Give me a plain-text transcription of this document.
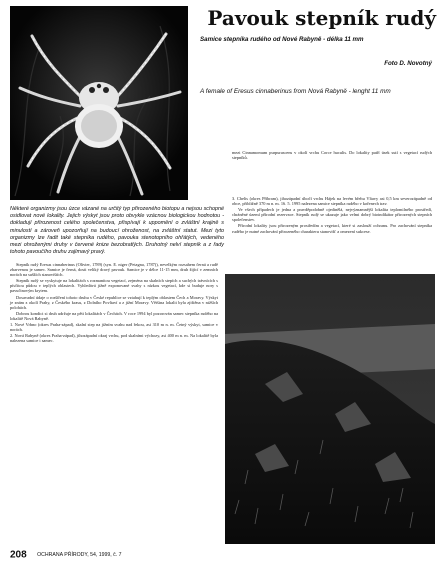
Pavouk stepník rudý
Samice stepníka rudého od Nové Rabyně - délka 11 mm
Foto D. Novotný
A female of Eresus cinnaberinus from Nová Rabyně - lenght 11 mm
Některé organizmy jsou úzce vázané na určitý typ přirozeného biotopu a nejsou schopné osidlovat nové lokality. Jejich výskyt jsou proto obvykle vzácnou biologickou hodnotou - dokladují přirozenost celého společenstva, přispívají k uppomění o zvláštní krajině s minulostí a zároveň upozorňují na budoucí ohroženost, na zvláštní statut. Mezi tyto organizmy lze řadit také stepníka rudého, pavouka stenotopního ohřátých, vedeného mezi ohroženými druhy v červené knize bezobratlých. Druhotný nelví stepník a z řady tohoto pavoučího druhu zajímavý pravý.

mezi Cinnamomum purpurascens v okolí vrchu Corce huculis. Do lokality patří úsek sutí s vegetací rudých stepníků.

3. Chelis (okres Příbram), jihozápadní úbočí vrchu Hájek na levém břehu Vltavy asi 0,5 km severozápadně od obce, přibližně 370 m n. m. 16. 5. 1995 nalezena samice stepníka rudého v kořenech trav.

Ve všech případech je jedna a pravděpodobně ojedinělá, nejvýznamnější lokalita teplomilného prostředí, chráněné území přírodní rezervace. Stepník rudý se ukazuje jako velmi dobrý bioindikátor přirozených stepních společenstev.

Přírodní lokality jsou přirozeným prostředím a vegetací, které si zaslouží ochranu. Pro zachování stepníka rudého je nutné zachování přirozeného charakteru stanovišť a omezení sukcese.

Stepník rudý Eresus cinnaberinus (Olivier, 1789) (syn. E. niger (Petagna, 1787)), nevelkým rozsahem černá a rudě zbarvenou je samec. Samice je černá, dosti veliký dravý pavouk. Samice je v délce 11-15 mm, druh žijící v zemních norách na sušších stanovištích.

Stepník rudý se vyskytuje na lokalitách s rozmanitou vegetací, zejména na skalních stepích a suchých trávnících s písčitou půdou v teplých oblastech. Vyhledává jižně exponované svahy s nízkou vegetací, kde si buduje nory s pavučinovým krytem.

Dosavadní údaje o rozšíření tohoto druhu v České republice se vztahují k teplým oblastem Čech a Moravy. Výskyt je znám z okolí Prahy, z Českého krasu, z Dolního Povltaví a z jižní Moravy. Většina lokalit byla zjištěna v nižších polohách.

Dobrou kondici si druh udržuje na pěti lokalitách v Čechách. V roce 1994 byl pozorován samec stepníka rudého na lokalitě Nová Rabyně.

1. Nové Vrbno (okres Praha-západ), skalní step na jižním svahu nad řekou, asi 310 m n. m. Četný výskyt, samice v norách.

2. Nová Rabyně (okres Praha-západ), jihozápadní okraj vrchu, pod skalními výchozy, asi 400 m n. m. Na lokalitě byla nalezena samice i samec.

208 OCHRANA PŘÍRODY, 54, 1999, č. 7
